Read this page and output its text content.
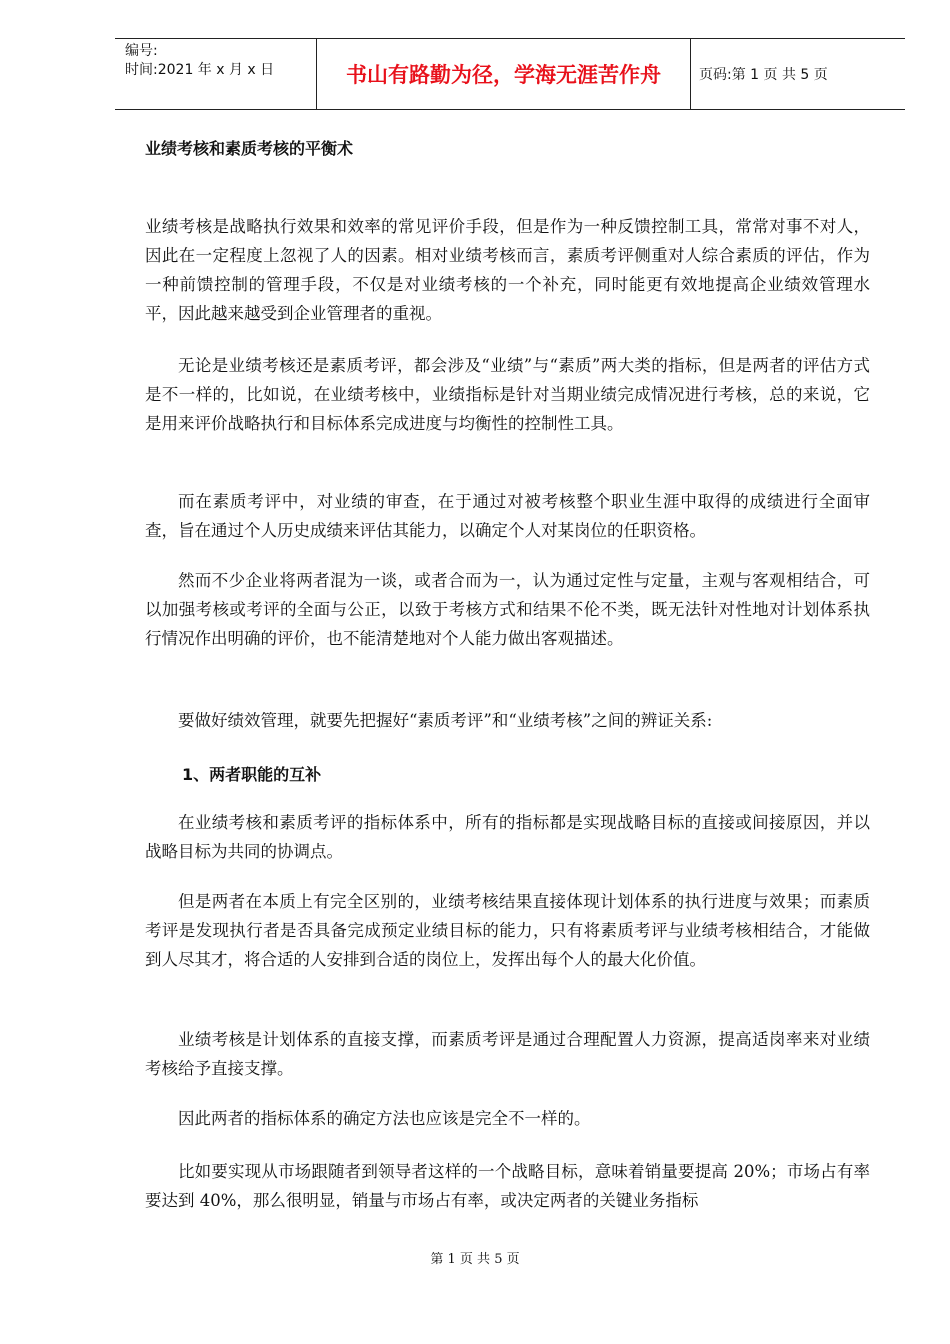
编号:
时间:2021 年 x 月 x 日	书山有路勤为径，学海无涯苦作舟	页码:第 1 页 共 5 页
业绩考核和素质考核的平衡术

业绩考核是战略执行效果和效率的常见评价手段，但是作为一种反馈控制工具，常常对事不对人，因此在一定程度上忽视了人的因素。相对业绩考核而言，素质考评侧重对人综合素质的评估，作为一种前馈控制的管理手段，不仅是对业绩考核的一个补充，同时能更有效地提高企业绩效管理水平，因此越来越受到企业管理者的重视。

无论是业绩考核还是素质考评，都会涉及“业绩”与“素质”两大类的指标，但是两者的评估方式是不一样的，比如说，在业绩考核中，业绩指标是针对当期业绩完成情况进行考核，总的来说，它是用来评价战略执行和目标体系完成进度与均衡性的控制性工具。

而在素质考评中，对业绩的审查，在于通过对被考核整个职业生涯中取得的成绩进行全面审查，旨在通过个人历史成绩来评估其能力，以确定个人对某岗位的任职资格。

然而不少企业将两者混为一谈，或者合而为一，认为通过定性与定量，主观与客观相结合，可以加强考核或考评的全面与公正，以致于考核方式和结果不伦不类，既无法针对性地对计划体系执行情况作出明确的评价，也不能清楚地对个人能力做出客观描述。

要做好绩效管理，就要先把握好“素质考评”和“业绩考核”之间的辨证关系:

1、两者职能的互补

在业绩考核和素质考评的指标体系中，所有的指标都是实现战略目标的直接或间接原因，并以战略目标为共同的协调点。

但是两者在本质上有完全区别的，业绩考核结果直接体现计划体系的执行进度与效果；而素质考评是发现执行者是否具备完成预定业绩目标的能力，只有将素质考评与业绩考核相结合，才能做到人尽其才，将合适的人安排到合适的岗位上，发挥出每个人的最大化价值。

业绩考核是计划体系的直接支撑，而素质考评是通过合理配置人力资源，提高适岗率来对业绩考核给予直接支撑。

因此两者的指标体系的确定方法也应该是完全不一样的。

比如要实现从市场跟随者到领导者这样的一个战略目标，意味着销量要提高 20%；市场占有率要达到 40%，那么很明显，销量与市场占有率，或决定两者的关键业务指标

第 1 页 共 5 页
